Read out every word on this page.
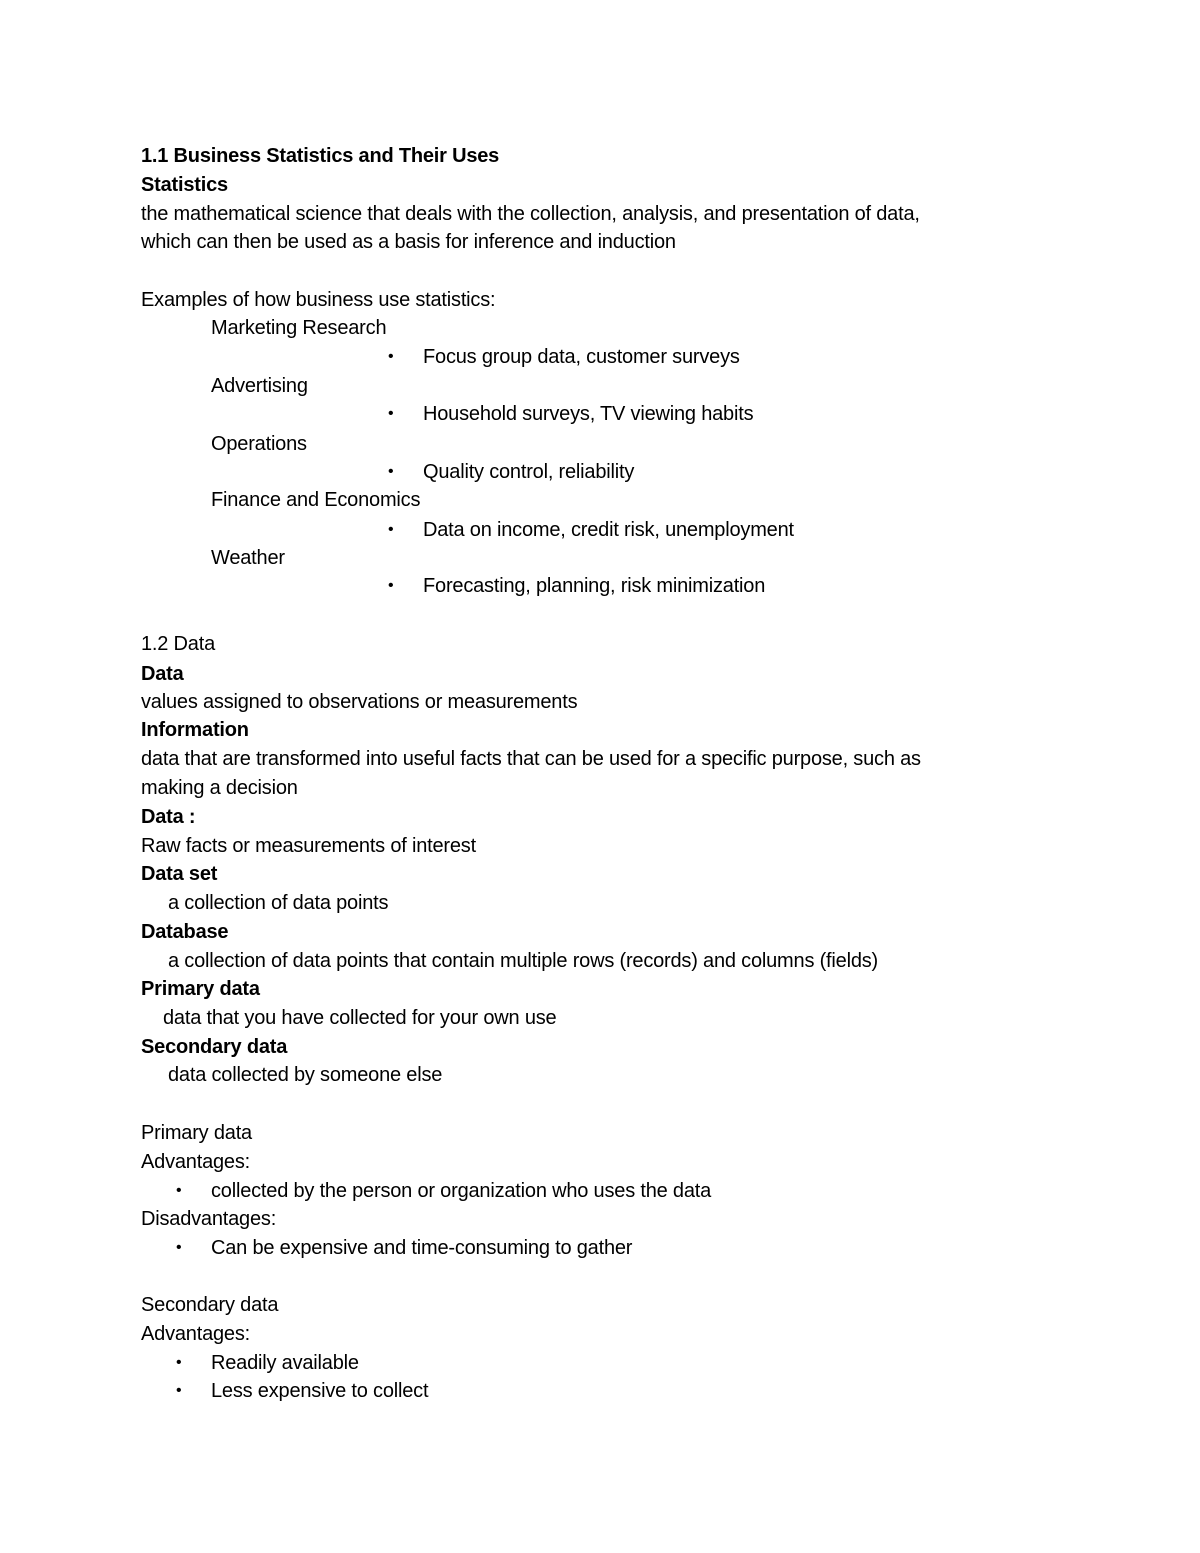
1.1 Business Statistics and Their Uses
Statistics
the mathematical science that deals with the collection, analysis, and presentation of data,
which can then be used as a basis for inference and induction
Examples of how business use statistics:
Marketing Research
• Focus group data, customer surveys
Advertising
• Household surveys, TV viewing habits
Operations
• Quality control, reliability
Finance and Economics
• Data on income, credit risk, unemployment
Weather
• Forecasting, planning, risk minimization
1.2 Data
Data
values assigned to observations or measurements
Information
data that are transformed into useful facts that can be used for a specific purpose, such as
making a decision
Data :
Raw facts or measurements of interest
Data set
a collection of data points
Database
a collection of data points that contain multiple rows (records) and columns (fields)
Primary data
data that you have collected for your own use
Secondary data
data collected by someone else
Primary data
Advantages:
• collected by the person or organization who uses the data
Disadvantages:
• Can be expensive and time-consuming to gather
Secondary data
Advantages:
• Readily available
• Less expensive to collect
